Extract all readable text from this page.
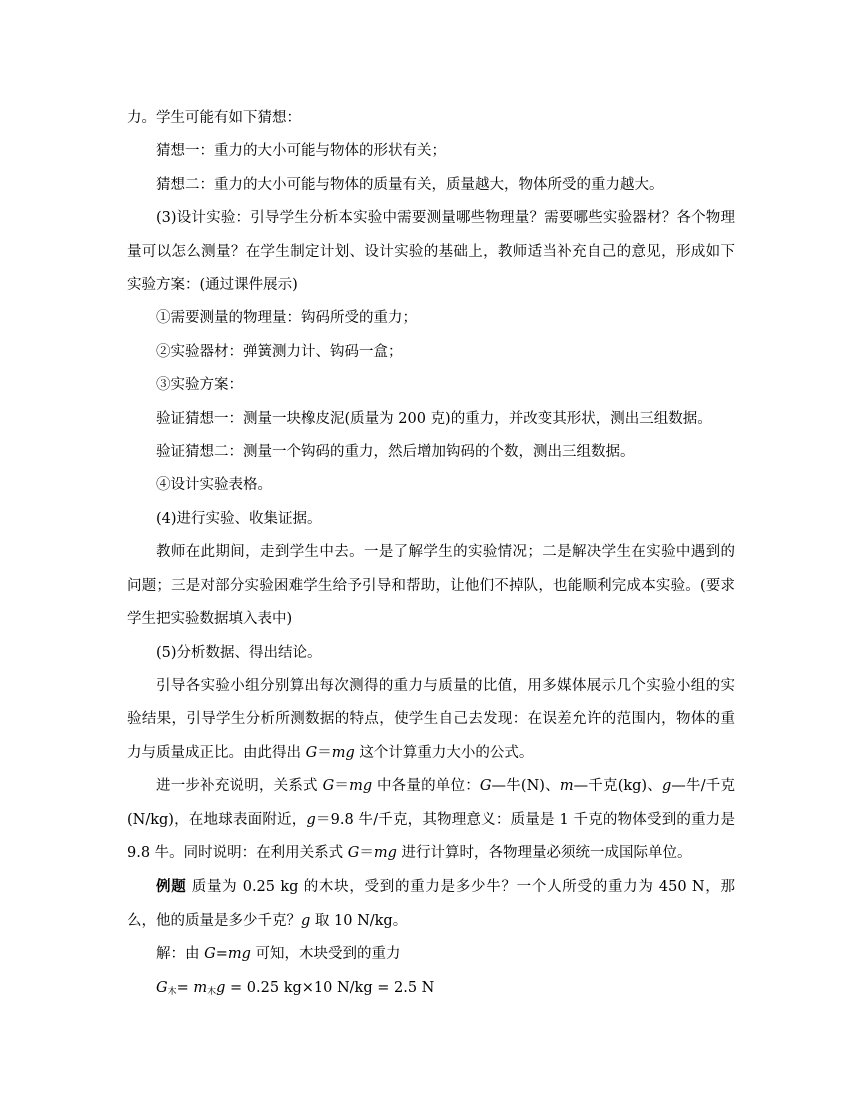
力。学生可能有如下猜想：

猜想一：重力的大小可能与物体的形状有关；

猜想二：重力的大小可能与物体的质量有关，质量越大，物体所受的重力越大。

(3)设计实验：引导学生分析本实验中需要测量哪些物理量？需要哪些实验器材？各个物理量可以怎么测量？在学生制定计划、设计实验的基础上，教师适当补充自己的意见，形成如下实验方案：(通过课件展示)

①需要测量的物理量：钩码所受的重力；

②实验器材：弹簧测力计、钩码一盒；

③实验方案：

验证猜想一：测量一块橡皮泥(质量为 200 克)的重力，并改变其形状，测出三组数据。

验证猜想二：测量一个钩码的重力，然后增加钩码的个数，测出三组数据。

④设计实验表格。

(4)进行实验、收集证据。

教师在此期间，走到学生中去。一是了解学生的实验情况；二是解决学生在实验中遇到的问题；三是对部分实验困难学生给予引导和帮助，让他们不掉队，也能顺利完成本实验。(要求学生把实验数据填入表中)

(5)分析数据、得出结论。

引导各实验小组分别算出每次测得的重力与质量的比值，用多媒体展示几个实验小组的实验结果，引导学生分析所测数据的特点，使学生自己去发现：在误差允许的范围内，物体的重力与质量成正比。由此得出 G＝mg 这个计算重力大小的公式。

进一步补充说明，关系式 G＝mg 中各量的单位：G—牛(N)、m—千克(kg)、g—牛/千克(N/kg)，在地球表面附近，g＝9.8 牛/千克，其物理意义：质量是 1 千克的物体受到的重力是 9.8 牛。同时说明：在利用关系式 G＝mg 进行计算时，各物理量必须统一成国际单位。

例题 质量为 0.25 kg 的木块，受到的重力是多少牛？一个人所受的重力为 450 N，那么，他的质量是多少千克？g 取 10 N/kg。

解：由 G=mg 可知，木块受到的重力

$G_木= m_木g = 0.25$ kg×10 N/kg = 2.5 N
